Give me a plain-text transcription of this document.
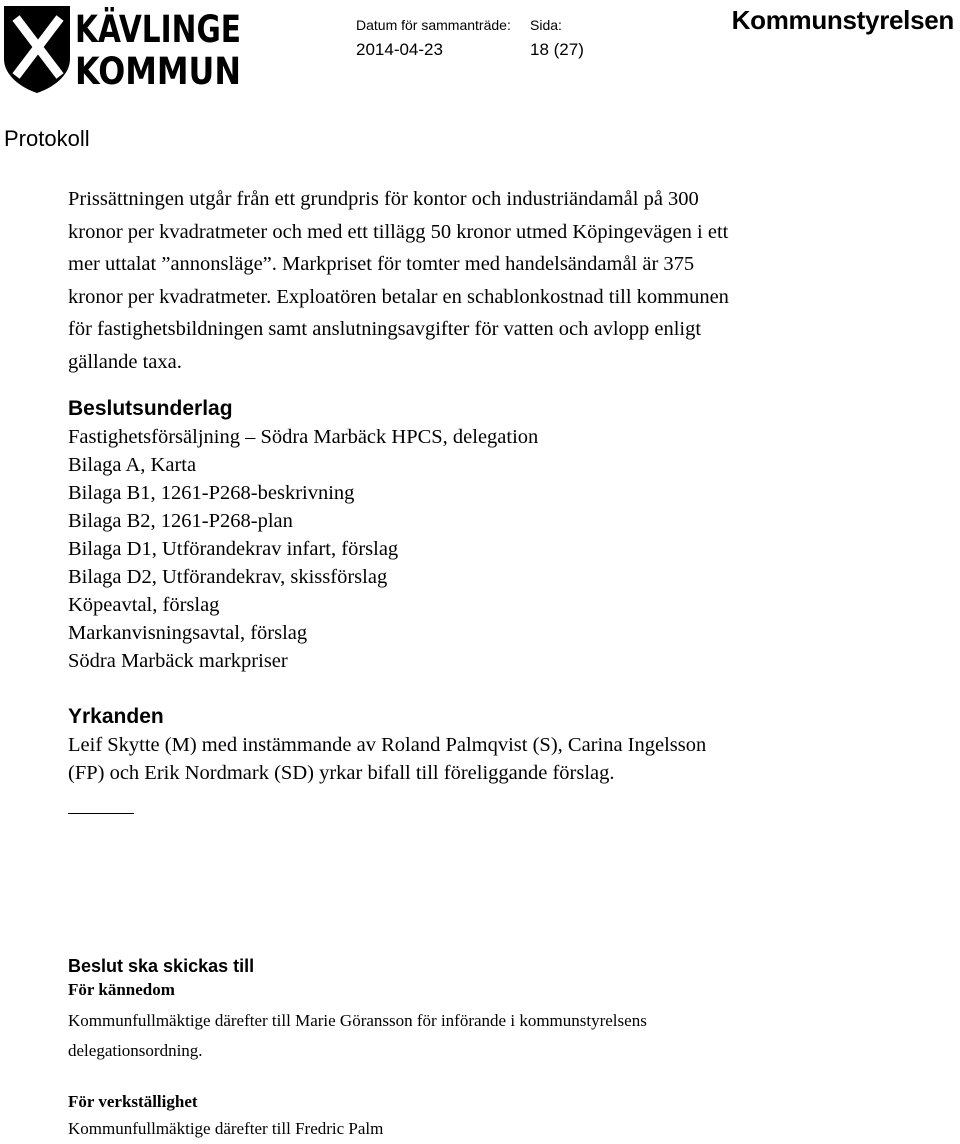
KÄVLINGE
KOMMUN
Datum för sammanträde:
2014-04-23
Sida:
18 (27)
Kommunstyrelsen
Protokoll

Prissättningen utgår från ett grundpris för kontor och industriändamål på 300

kronor per kvadratmeter och med ett tillägg 50 kronor utmed Köpingevägen i ett

mer uttalat ”annonsläge”. Markpriset för tomter med handelsändamål är 375

kronor per kvadratmeter. Exploatören betalar en schablonkostnad till kommunen

för fastighetsbildningen samt anslutningsavgifter för vatten och avlopp enligt

gällande taxa.

Beslutsunderlag

Fastighetsförsäljning – Södra Marbäck HPCS, delegation

Bilaga A, Karta

Bilaga B1, 1261-P268-beskrivning

Bilaga B2, 1261-P268-plan

Bilaga D1, Utförandekrav infart, förslag

Bilaga D2, Utförandekrav, skissförslag

Köpeavtal, förslag

Markanvisningsavtal, förslag

Södra Marbäck markpriser

Yrkanden

Leif Skytte (M) med instämmande av Roland Palmqvist (S), Carina Ingelsson

(FP) och Erik Nordmark (SD) yrkar bifall till föreliggande förslag.

Beslut ska skickas till

För kännedom

Kommunfullmäktige därefter till Marie Göransson för införande i kommunstyrelsens

delegationsordning.

För verkställighet

Kommunfullmäktige därefter till Fredric Palm
